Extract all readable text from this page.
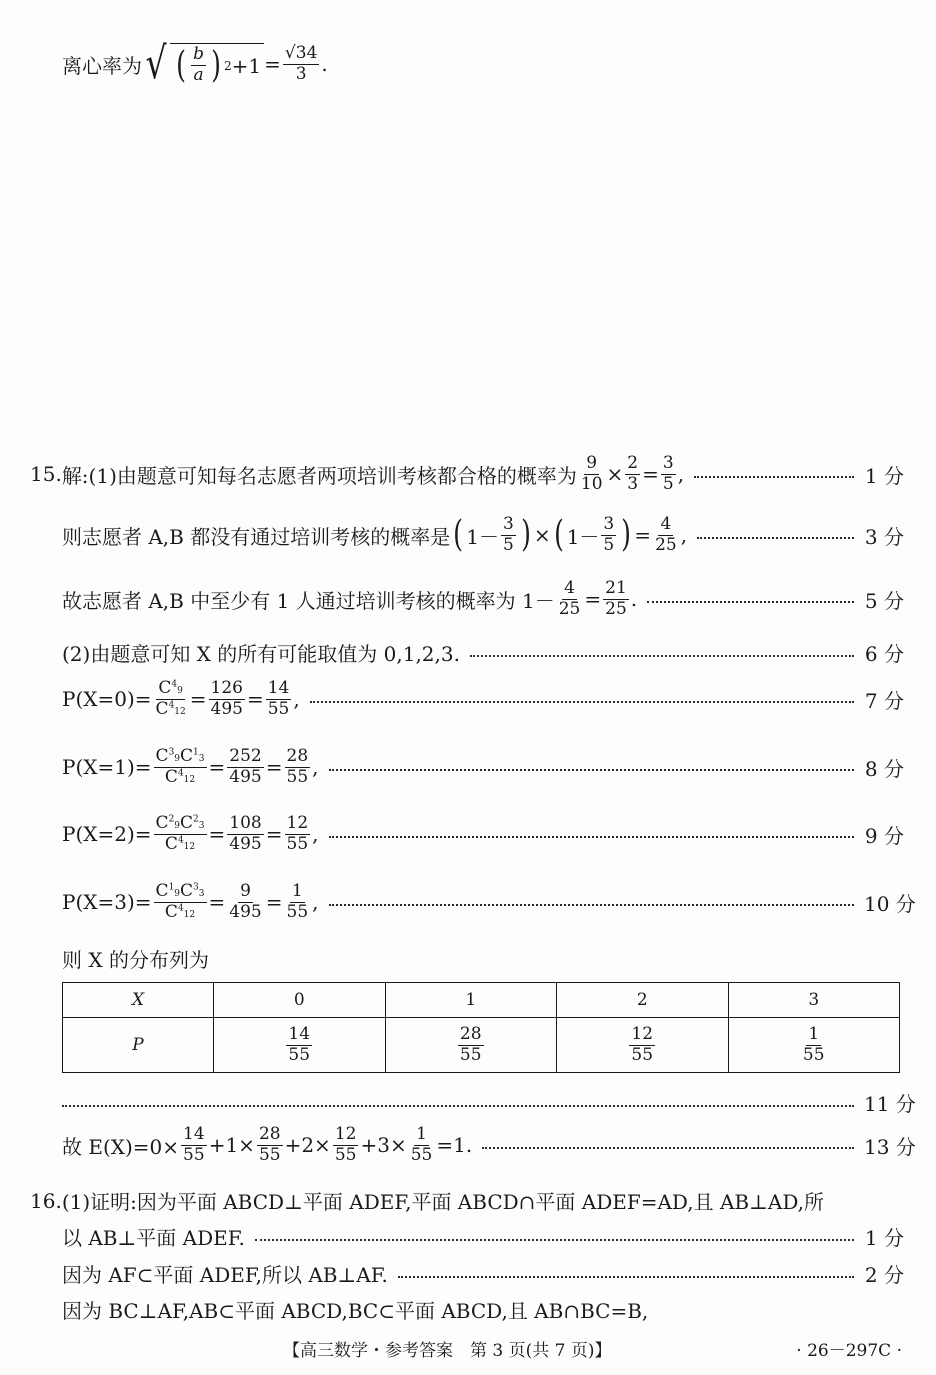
离心率为 √ ( $\frac{b}{a}$ ) $2 +1 = \frac{√34}{3}$ .
15. 解:(1)由题意可知每名志愿者两项培训考核都合格的概率为 $\frac{9}{10} \times \frac{2}{3} = \frac{3}{5}$ ,	1 分
则志愿者 A,B 都没有通过培训考核的概率是 ( $1- \frac{3}{5}$ ) × ( $1- \frac{3}{5}$ ) = $\frac{4}{25}$ ,	3 分
故志愿者 A,B 中至少有 1 人通过培训考核的概率为 $1- \frac{4}{25} = \frac{21}{25}$ .	5 分
(2)由题意可知 X 的所有可能取值为 0,1,2,3.	6 分
$P(X=0)= \frac{C^49}{C^412} = \frac{126}{495} = \frac{14}{55}$ ,	7 分
$P(X=1)= \frac{C^39C^13}{C^412} = \frac{252}{495} = \frac{28}{55}$ ,	8 分
$P(X=2)= \frac{C^29C^23}{C^412} = \frac{108}{495} = \frac{12}{55}$ ,	9 分
$P(X=3)= \frac{C^19C^33}{C^412} = \frac{9}{495} = \frac{1}{55}$ ,	10 分
则 X 的分布列为
X	0	1	2	3
P	$\frac{14}{55}$	$\frac{28}{55}$	$\frac{12}{55}$	$\frac{1}{55}$
11 分
故 $E(X)=0\times \frac{14}{55} +1\times \frac{28}{55} +2\times \frac{12}{55} +3\times \frac{1}{55} =1$.	13 分
16. (1)证明:因为平面 ABCD⊥平面 ADEF,平面 ABCD∩平面 ADEF=AD,且 AB⊥AD,所
以 AB⊥平面 ADEF.	1 分
因为 AF⊂平面 ADEF,所以 AB⊥AF.	2 分
因为 BC⊥AF,AB⊂平面 ABCD,BC⊂平面 ABCD,且 AB∩BC=B,
【高三数学・参考答案　第 3 页(共 7 页)】	· 26－297C ·
